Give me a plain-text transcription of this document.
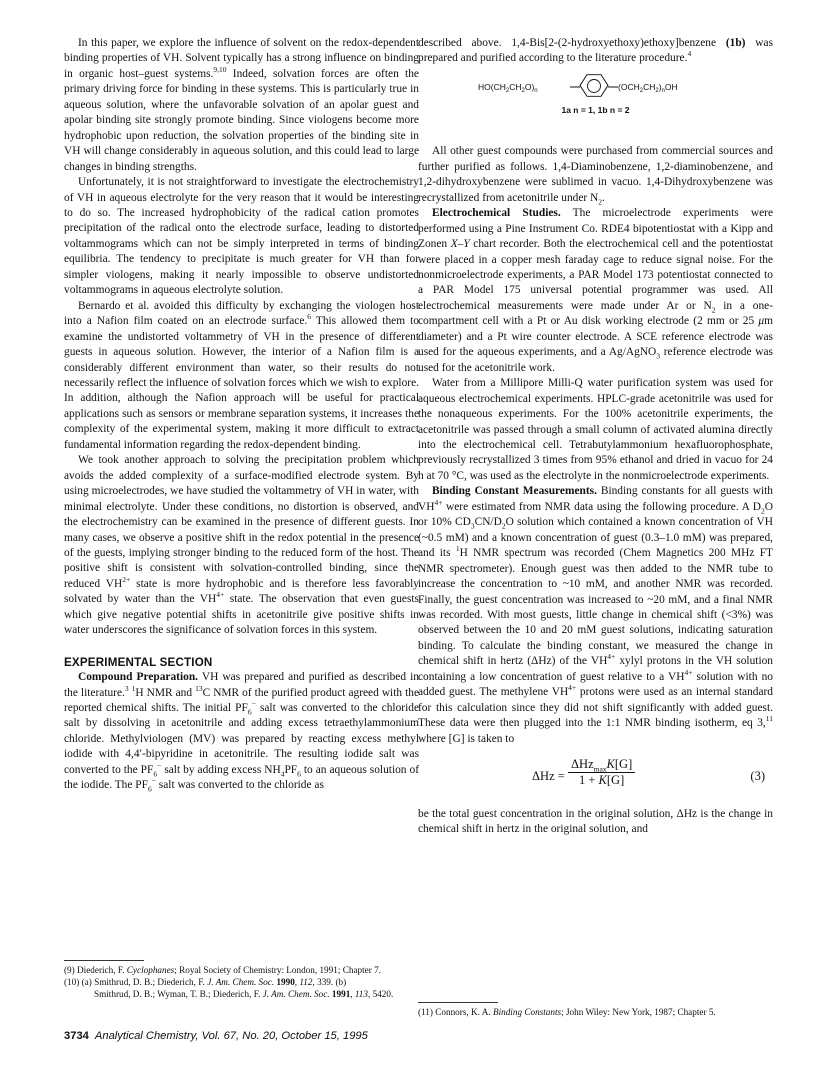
In this paper, we explore the influence of solvent on the redox-dependent binding properties of VH. Solvent typically has a strong influence on binding in organic host–guest systems.$^{9,10}$ Indeed, solvation forces are often the primary driving force for binding in these systems. This is particularly true in aqueous solution, where the unfavorable solvation of an apolar guest and apolar binding site strongly promote binding. Since viologens become more hydrophobic upon reduction, the solvation properties of the binding site in VH will change considerably in aqueous solution, and this could lead to large changes in binding strengths.

Unfortunately, it is not straightforward to investigate the electrochemistry of VH in aqueous electrolyte for the very reason that it would be interesting to do so. The increased hydrophobicity of the radical cation promotes precipitation of the radical onto the electrode surface, leading to distorted voltammograms which can not be simply interpreted in terms of binding equilibria. The tendency to precipitate is much greater for VH than for simpler viologens, making it nearly impossible to observe undistorted voltammograms in aqueous electrolyte solution.

Bernardo et al. avoided this difficulty by exchanging the viologen host into a Nafion film coated on an electrode surface.$^6$ This allowed them to examine the undistorted voltammetry of VH in the presence of different guests in aqueous solution. However, the interior of a Nafion film is a considerably different environment than water, so their results do not necessarily reflect the influence of solvation forces which we wish to explore. In addition, although the Nafion approach will be useful for practical applications such as sensors or membrane separation systems, it increases the complexity of the experimental system, making it more difficult to extract fundamental information regarding the redox-dependent binding.

We took another approach to solving the precipitation problem which avoids the added complexity of a surface-modified electrode system. By using microelectrodes, we have studied the voltammetry of VH in water, with minimal electrolyte. Under these conditions, no distortion is observed, and the electrochemistry can be examined in the presence of different guests. In many cases, we observe a positive shift in the redox potential in the presence of the guests, implying stronger binding to the reduced form of the host. The positive shift is consistent with solvation-controlled binding, since the reduced $VH^{2+}$ state is more hydrophobic and is therefore less favorably solvated by water than the $VH^{4+}$ state. The observation that even guests which give negative potential shifts in acetonitrile give positive shifts in water underscores the significance of solvation forces in this system.

EXPERIMENTAL SECTION

Compound Preparation. VH was prepared and purified as described in the literature.$^3$ $^1$H NMR and $^{13}$C NMR of the purified product agreed with the reported chemical shifts. The initial $PF_6^-$ salt was converted to the chloride salt by dissolving in acetonitrile and adding excess tetraethylammonium chloride. Methylviologen (MV) was prepared by reacting excess methyl iodide with 4,4′-bipyridine in acetonitrile. The resulting iodide salt was converted to the $PF_6^-$ salt by adding excess $NH_4PF_6$ to an aqueous solution of the iodide. The $PF_6^-$ salt was converted to the chloride as

described above. 1,4-Bis[2-(2-hydroxyethoxy)ethoxy]benzene (1b) was prepared and purified according to the literature procedure.$^4$

$HO(CH_2CH_2O)_n$	$(OCH_2CH_2)_nOH$
1a n = 1, 1b n = 2

All other guest compounds were purchased from commercial sources and further purified as follows. 1,4-Diaminobenzene, 1,2-diaminobenzene, and 1,2-dihydroxybenzene were sublimed in vacuo. 1,4-Dihydroxybenzene was recrystallized from acetonitrile under $N_2$.

Electrochemical Studies. The microelectrode experiments were performed using a Pine Instrument Co. RDE4 bipotentiostat with a Kipp and Zonen X–Y chart recorder. Both the electrochemical cell and the potentiostat were placed in a copper mesh faraday cage to reduce signal noise. For the nonmicroelectrode experiments, a PAR Model 173 potentiostat connected to a PAR Model 175 universal potential programmer was used. All electrochemical measurements were made under Ar or $N_2$ in a one-compartment cell with a Pt or Au disk working electrode (2 mm or 25 μm diameter) and a Pt wire counter electrode. A SCE reference electrode was used for the aqueous experiments, and a Ag/AgNO$_3$ reference electrode was used for the acetonitrile work.

Water from a Millipore Milli-Q water purification system was used for aqueous electrochemical experiments. HPLC-grade acetonitrile was used for the nonaqueous experiments. For the 100% acetonitrile experiments, the acetonitrile was passed through a small column of activated alumina directly into the electrochemical cell. Tetrabutylammonium hexafluorophosphate, previously recrystallized 3 times from 95% ethanol and dried in vacuo for 24 h at 70 °C, was used as the electrolyte in the nonmicroelectrode experiments.

Binding Constant Measurements. Binding constants for all guests with $VH^{4+}$ were estimated from NMR data using the following procedure. A $D_2O$ or 10% $CD_3CN/D_2O$ solution which contained a known concentration of VH (~0.5 mM) and a known concentration of guest (0.3–1.0 mM) was prepared, and its $^1$H NMR spectrum was recorded (Chem Magnetics 200 MHz FT NMR spectrometer). Enough guest was then added to the NMR tube to increase the concentration to ~10 mM, and another NMR was recorded. Finally, the guest concentration was increased to ~20 mM, and a final NMR was recorded. With most guests, little change in chemical shift (<3%) was observed between the 10 and 20 mM guest solutions, indicating saturation binding. To calculate the binding constant, we measured the change in chemical shift in hertz (ΔHz) of the $VH^{4+}$ xylyl protons in the VH solution containing a low concentration of guest relative to a $VH^{4+}$ solution with no added guest. The methylene $VH^{4+}$ protons were used as an internal standard for this calculation since they did not shift significantly with added guest. These data were then plugged into the 1:1 NMR binding isotherm, eq 3,11 where [G] is taken to

ΔHz =
ΔHz$_{max}$K[G]
1 + K[G]	(3)

be the total guest concentration in the original solution, ΔHz is the change in chemical shift in hertz in the original solution, and

(9) Diederich, F. Cyclophanes; Royal Society of Chemistry: London, 1991; Chapter 7.

(10) (a) Smithrud, D. B.; Diederich, F. J. Am. Chem. Soc. 1990, 112, 339. (b)

Smithrud, D. B.; Wyman, T. B.; Diederich, F. J. Am. Chem. Soc. 1991, 113, 5420.

(11) Connors, K. A. Binding Constants; John Wiley: New York, 1987; Chapter 5.

3734 Analytical Chemistry, Vol. 67, No. 20, October 15, 1995
